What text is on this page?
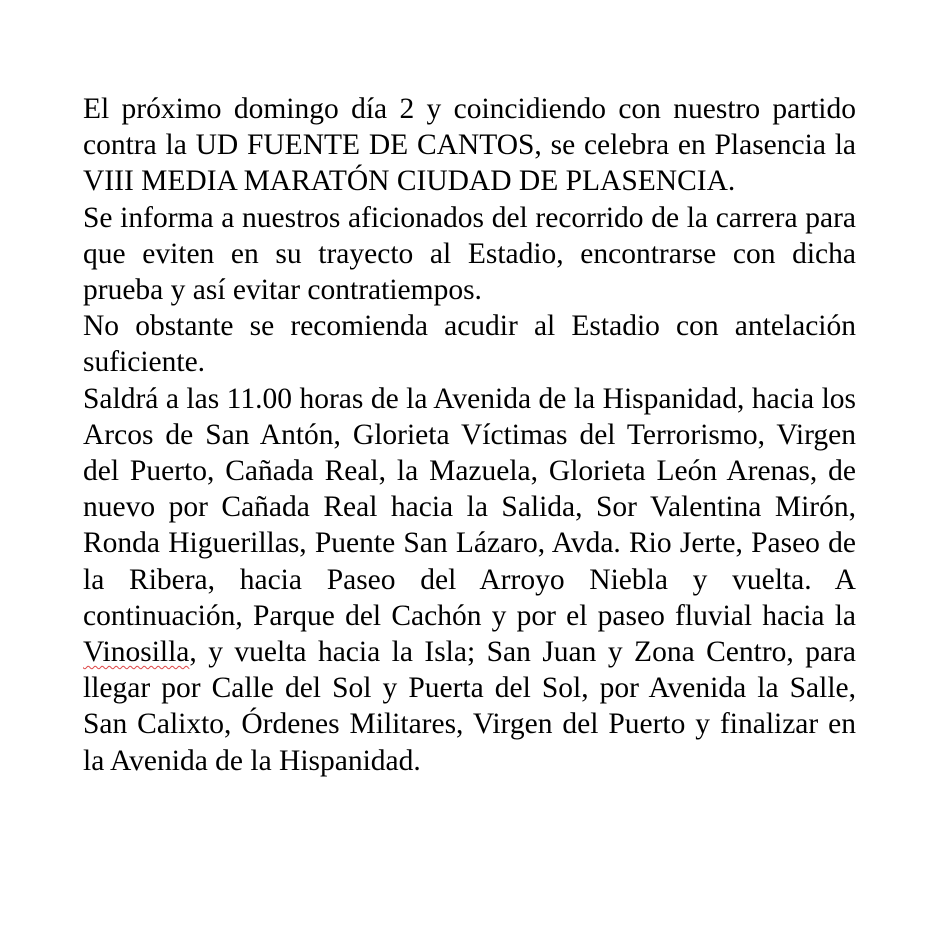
El próximo domingo día 2 y coincidiendo con nuestro partido contra la UD FUENTE DE CANTOS, se celebra en Plasencia la VIII MEDIA MARATÓN CIUDAD DE PLASENCIA.

Se informa a nuestros aficionados del recorrido de la carrera para que eviten en su trayecto al Estadio, encontrarse con dicha prueba y así evitar contratiempos.

No obstante se recomienda acudir al Estadio con antelación suficiente.

Saldrá a las 11.00 horas de la Avenida de la Hispanidad, hacia los Arcos de San Antón, Glorieta Víctimas del Terrorismo, Virgen del Puerto, Cañada Real, la Mazuela, Glorieta León Arenas, de nuevo por Cañada Real hacia la Salida, Sor Valentina Mirón, Ronda Higuerillas, Puente San Lázaro, Avda. Rio Jerte, Paseo de la Ribera, hacia Paseo del Arroyo Niebla y vuelta. A continuación, Parque del Cachón y por el paseo fluvial hacia la Vinosilla, y vuelta hacia la Isla; San Juan y Zona Centro, para llegar por Calle del Sol y Puerta del Sol, por Avenida la Salle, San Calixto, Órdenes Militares, Virgen del Puerto y finalizar en la Avenida de la Hispanidad.
